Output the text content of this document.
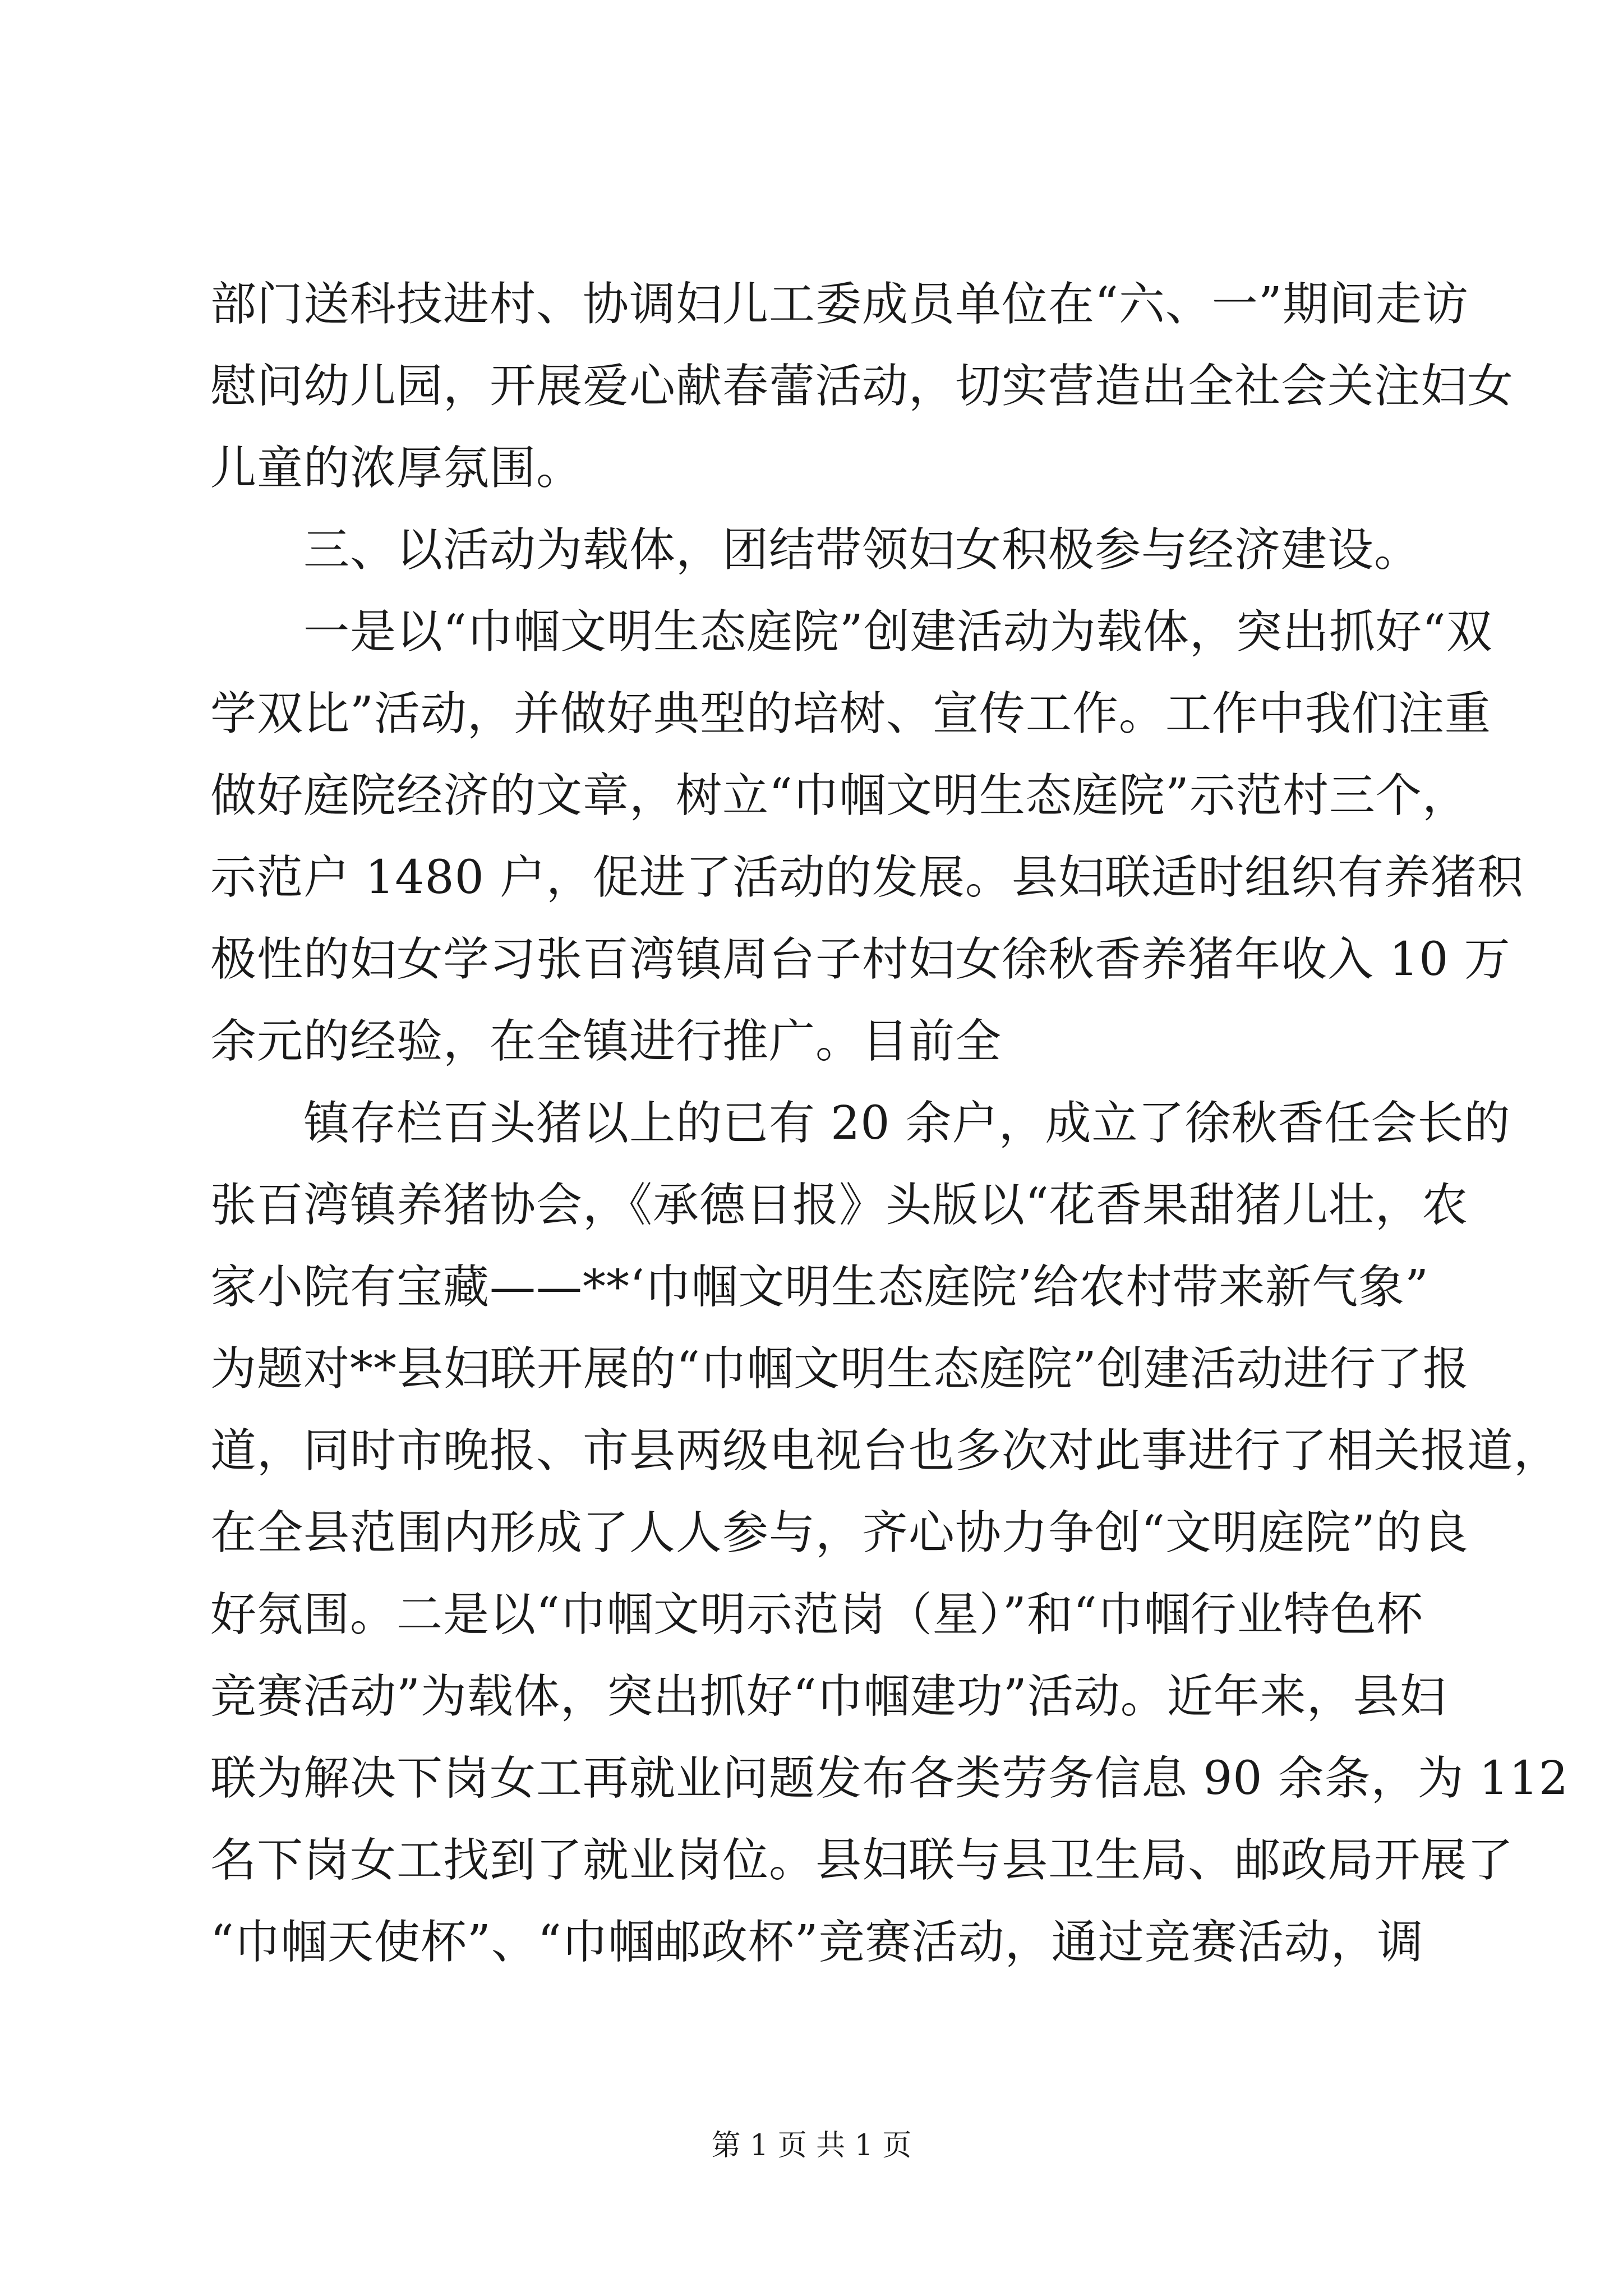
部门送科技进村、协调妇儿工委成员单位在“六、一”期间走访
慰问幼儿园，开展爱心献春蕾活动，切实营造出全社会关注妇女
儿童的浓厚氛围。
三、以活动为载体，团结带领妇女积极参与经济建设。
一是以“巾帼文明生态庭院”创建活动为载体，突出抓好“双
学双比”活动，并做好典型的培树、宣传工作。工作中我们注重
做好庭院经济的文章，树立“巾帼文明生态庭院”示范村三个，
示范户 1480 户，促进了活动的发展。县妇联适时组织有养猪积
极性的妇女学习张百湾镇周台子村妇女徐秋香养猪年收入 10 万
余元的经验，在全镇进行推广。目前全
镇存栏百头猪以上的已有 20 余户，成立了徐秋香任会长的
张百湾镇养猪协会，《承德日报》头版以“花香果甜猪儿壮，农
家小院有宝藏——**‘巾帼文明生态庭院’给农村带来新气象”
为题对**县妇联开展的“巾帼文明生态庭院”创建活动进行了报
道，同时市晚报、市县两级电视台也多次对此事进行了相关报道，
在全县范围内形成了人人参与，齐心协力争创“文明庭院”的良
好氛围。二是以“巾帼文明示范岗（星）”和“巾帼行业特色杯
竞赛活动”为载体，突出抓好“巾帼建功”活动。近年来，县妇
联为解决下岗女工再就业问题发布各类劳务信息 90 余条，为 112
名下岗女工找到了就业岗位。县妇联与县卫生局、邮政局开展了
“巾帼天使杯”、“巾帼邮政杯”竞赛活动，通过竞赛活动，调
第 1 页 共 1 页
